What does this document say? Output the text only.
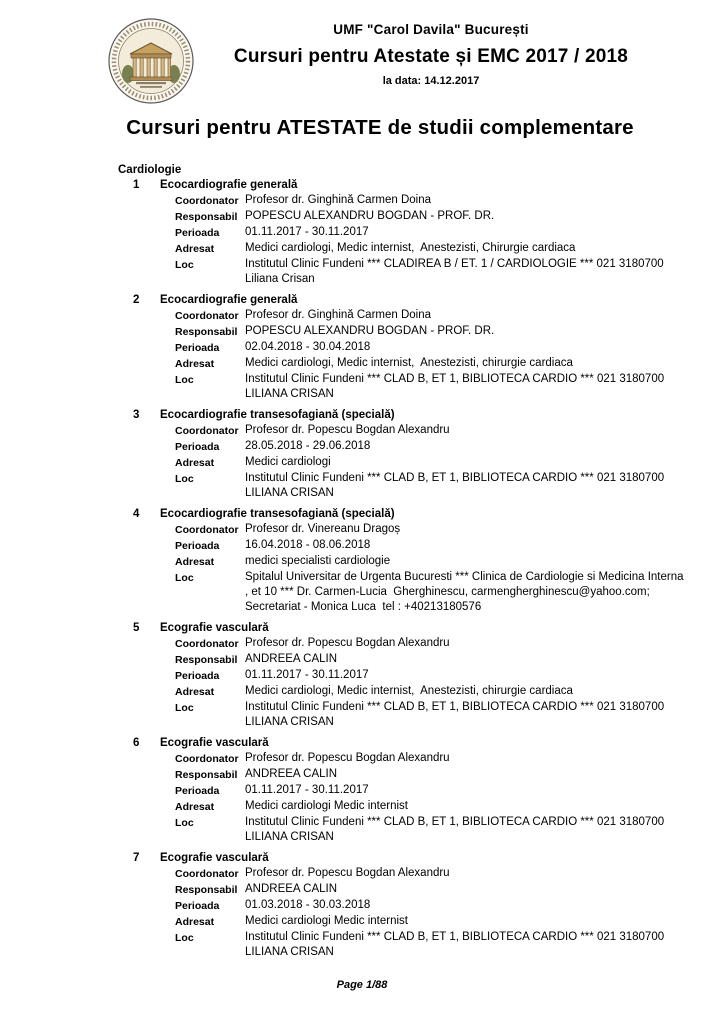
UMF "Carol Davila" București
Cursuri pentru Atestate și EMC 2017 / 2018
la data: 14.12.2017
Cursuri pentru ATESTATE de studii complementare
Cardiologie
1	Ecocardiografie generală
Coordonator Profesor dr. Ginghină Carmen Doina
Responsabil POPESCU ALEXANDRU BOGDAN - PROF. DR.
Perioada	01.11.2017 - 30.11.2017
Adresat	Medici cardiologi, Medic internist,  Anestezisti, Chirurgie cardiaca
Loc	Institutul Clinic Fundeni *** CLADIREA B / ET. 1 / CARDIOLOGIE *** 021 3180700
Liliana Crisan
2	Ecocardiografie generală
Coordonator Profesor dr. Ginghină Carmen Doina
Responsabil POPESCU ALEXANDRU BOGDAN - PROF. DR.
Perioada	02.04.2018 - 30.04.2018
Adresat	Medici cardiologi, Medic internist,  Anestezisti, chirurgie cardiaca
Loc	Institutul Clinic Fundeni *** CLAD B, ET 1, BIBLIOTECA CARDIO *** 021 3180700
LILIANA CRISAN
3	Ecocardiografie transesofagiană (specială)
Coordonator Profesor dr. Popescu Bogdan Alexandru
Perioada	28.05.2018 - 29.06.2018
Adresat	Medici cardiologi
Loc	Institutul Clinic Fundeni *** CLAD B, ET 1, BIBLIOTECA CARDIO *** 021 3180700
LILIANA CRISAN
4	Ecocardiografie transesofagiană (specială)
Coordonator Profesor dr. Vinereanu Dragoș
Perioada	16.04.2018 - 08.06.2018
Adresat	medici specialisti cardiologie
Loc	Spitalul Universitar de Urgenta Bucuresti *** Clinica de Cardiologie si Medicina Interna
, et 10 *** Dr. Carmen-Lucia  Gherghinescu, carmengherghinescu@yahoo.com;
Secretariat - Monica Luca  tel : +40213180576
5	Ecografie vasculară
Coordonator Profesor dr. Popescu Bogdan Alexandru
Responsabil ANDREEA CALIN
Perioada	01.11.2017 - 30.11.2017
Adresat	Medici cardiologi, Medic internist,  Anestezisti, chirurgie cardiaca
Loc	Institutul Clinic Fundeni *** CLAD B, ET 1, BIBLIOTECA CARDIO *** 021 3180700
LILIANA CRISAN
6	Ecografie vasculară
Coordonator Profesor dr. Popescu Bogdan Alexandru
Responsabil ANDREEA CALIN
Perioada	01.11.2017 - 30.11.2017
Adresat	Medici cardiologi Medic internist
Loc	Institutul Clinic Fundeni *** CLAD B, ET 1, BIBLIOTECA CARDIO *** 021 3180700
LILIANA CRISAN
7	Ecografie vasculară
Coordonator Profesor dr. Popescu Bogdan Alexandru
Responsabil ANDREEA CALIN
Perioada	01.03.2018 - 30.03.2018
Adresat	Medici cardiologi Medic internist
Loc	Institutul Clinic Fundeni *** CLAD B, ET 1, BIBLIOTECA CARDIO *** 021 3180700
LILIANA CRISAN
Page 1/88
